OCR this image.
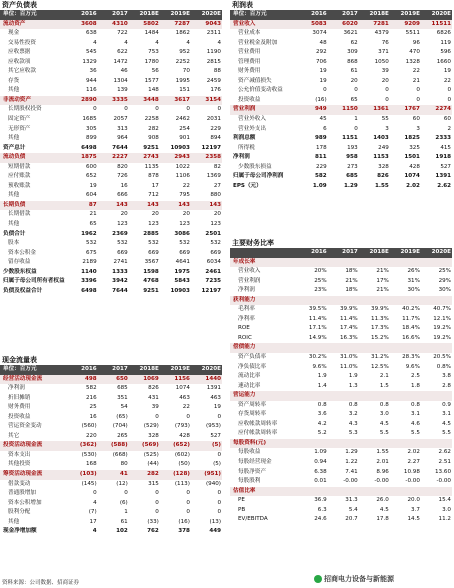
资产负债表
单位：百万元	2016	2017	2018E	2019E	2020E
流动资产	3608	4310	5802	7287	9043
现金	638	722	1484	1862	2311
交易性投资	4	4	4	4	4
应收票据	545	622	753	952	1190
应收款项	1329	1472	1780	2252	2815
其它应收款	36	46	56	70	88
存货	944	1304	1577	1995	2459
其他	116	139	148	151	176
非流动资产	2890	3335	3448	3617	3154
长期股权投资	0	0	0	0	0
固定资产	1685	2057	2258	2462	2031
无形资产	305	313	282	254	229
其他	899	964	908	901	894
资产总计	6498	7644	9251	10903	12197
流动负债	1875	2227	2743	2943	2358
短期借款	600	820	1135	1022	82
应付账款	652	726	878	1106	1369
预收账款	19	16	17	22	27
其他	604	666	712	795	880
长期负债	87	143	143	143	143
长期借款	21	20	20	20	20
其他	65	123	123	123	123
负债合计	1962	2369	2885	3086	2501
股本	532	532	532	532	532
资本公积金	675	669	669	669	669
留存收益	2189	2741	3567	4641	6034
少数股东权益	1140	1333	1598	1975	2461
归属于母公司所有者权益	3396	3942	4768	5843	7235
负债及权益合计	6498	7644	9251	10903	12197
利润表
单位：百万元	2016	2017	2018E	2019E	2020E
营业收入	5083	6020	7281	9209	11511
营业成本	3074	3621	4379	5511	6826
营业税金及附加	48	62	76	96	119
营业费用	292	309	371	470	596
管理费用	706	868	1050	1328	1660
财务费用	19	61	39	22	19
资产减值损失	19	20	20	21	22
公允价值变动收益	0	0	0	0	0
投资收益	(16)	65	0	0	0
营业利润	949	1150	1361	1767	2274
营业外收入	45	1	55	60	60
营业外支出	6	0	3	3	2
利润总额	989	1151	1403	1825	2333
所得税	178	193	249	325	415
净利润	811	958	1153	1501	1918
少数股东损益	229	273	328	428	527
归属于母公司净利润	582	685	826	1074	1391
EPS（元）	1.09	1.29	1.55	2.02	2.62
主要财务比率
	2016	2017	2018E	2019E	2020E
年成长率					
营业收入	20%	18%	21%	26%	25%
营业利润	25%	21%	17%	31%	29%
净利润	23%	18%	21%	30%	30%
获利能力					
毛利率	39.5%	39.9%	39.9%	40.2%	40.7%
净利率	11.4%	11.4%	11.3%	11.7%	12.1%
ROE	17.1%	17.4%	17.3%	18.4%	19.2%
ROIC	14.9%	16.3%	15.2%	16.6%	19.2%
偿债能力					
资产负债率	30.2%	31.0%	31.2%	28.3%	20.5%
净负债比率	9.6%	11.0%	12.5%	9.6%	0.8%
流动比率	1.9	1.9	2.1	2.5	3.8
速动比率	1.4	1.3	1.5	1.8	2.8
营运能力					
资产周转率	0.8	0.8	0.8	0.8	0.9
存货周转率	3.6	3.2	3.0	3.1	3.1
应收帐款周转率	4.2	4.3	4.5	4.6	4.5
应付帐款周转率	5.2	5.3	5.5	5.5	5.5
每股资料(元)					
每股收益	1.09	1.29	1.55	2.02	2.62
每股经营现金	0.94	1.22	2.01	2.27	2.51
每股净资产	6.38	7.41	8.96	10.98	13.60
每股股利	0.01	-0.00	-0.00	-0.00	-0.00
估值比率					
PE	36.9	31.3	26.0	20.0	15.4
PB	6.3	5.4	4.5	3.7	3.0
EV/EBITDA	24.6	20.7	17.8	14.5	11.2
现金流量表
单位：百万元	2016	2017	2018E	2019E	2020E
经营活动现金流	498	650	1069	1156	1440
净利润	582	685	826	1074	1391
折旧摊销	216	351	431	463	463
财务费用	25	54	39	22	19
投资收益	16	(65)	0	0	0
营运资金变动	(560)	(704)	(529)	(793)	(953)
其它	220	265	328	428	527
投资活动现金流	(362)	(588)	(569)	(652)	(5)
资本支出	(530)	(668)	(525)	(602)	0
其他投资	168	80	(44)	(50)	(5)
筹资活动现金流	(103)	41	282	(128)	(951)
借款变动	(145)	(12)	315	(113)	(940)
普通股增加	0	0	0	0	0
资本公积增加	4	(6)	0	0	0
股利分配	(7)	1	0	0	0
其他	17	61	(33)	(16)	(13)
现金净增加额	4	102	762	378	449
资料来源：公司数据、招商证券	招商电力设备与新能源
